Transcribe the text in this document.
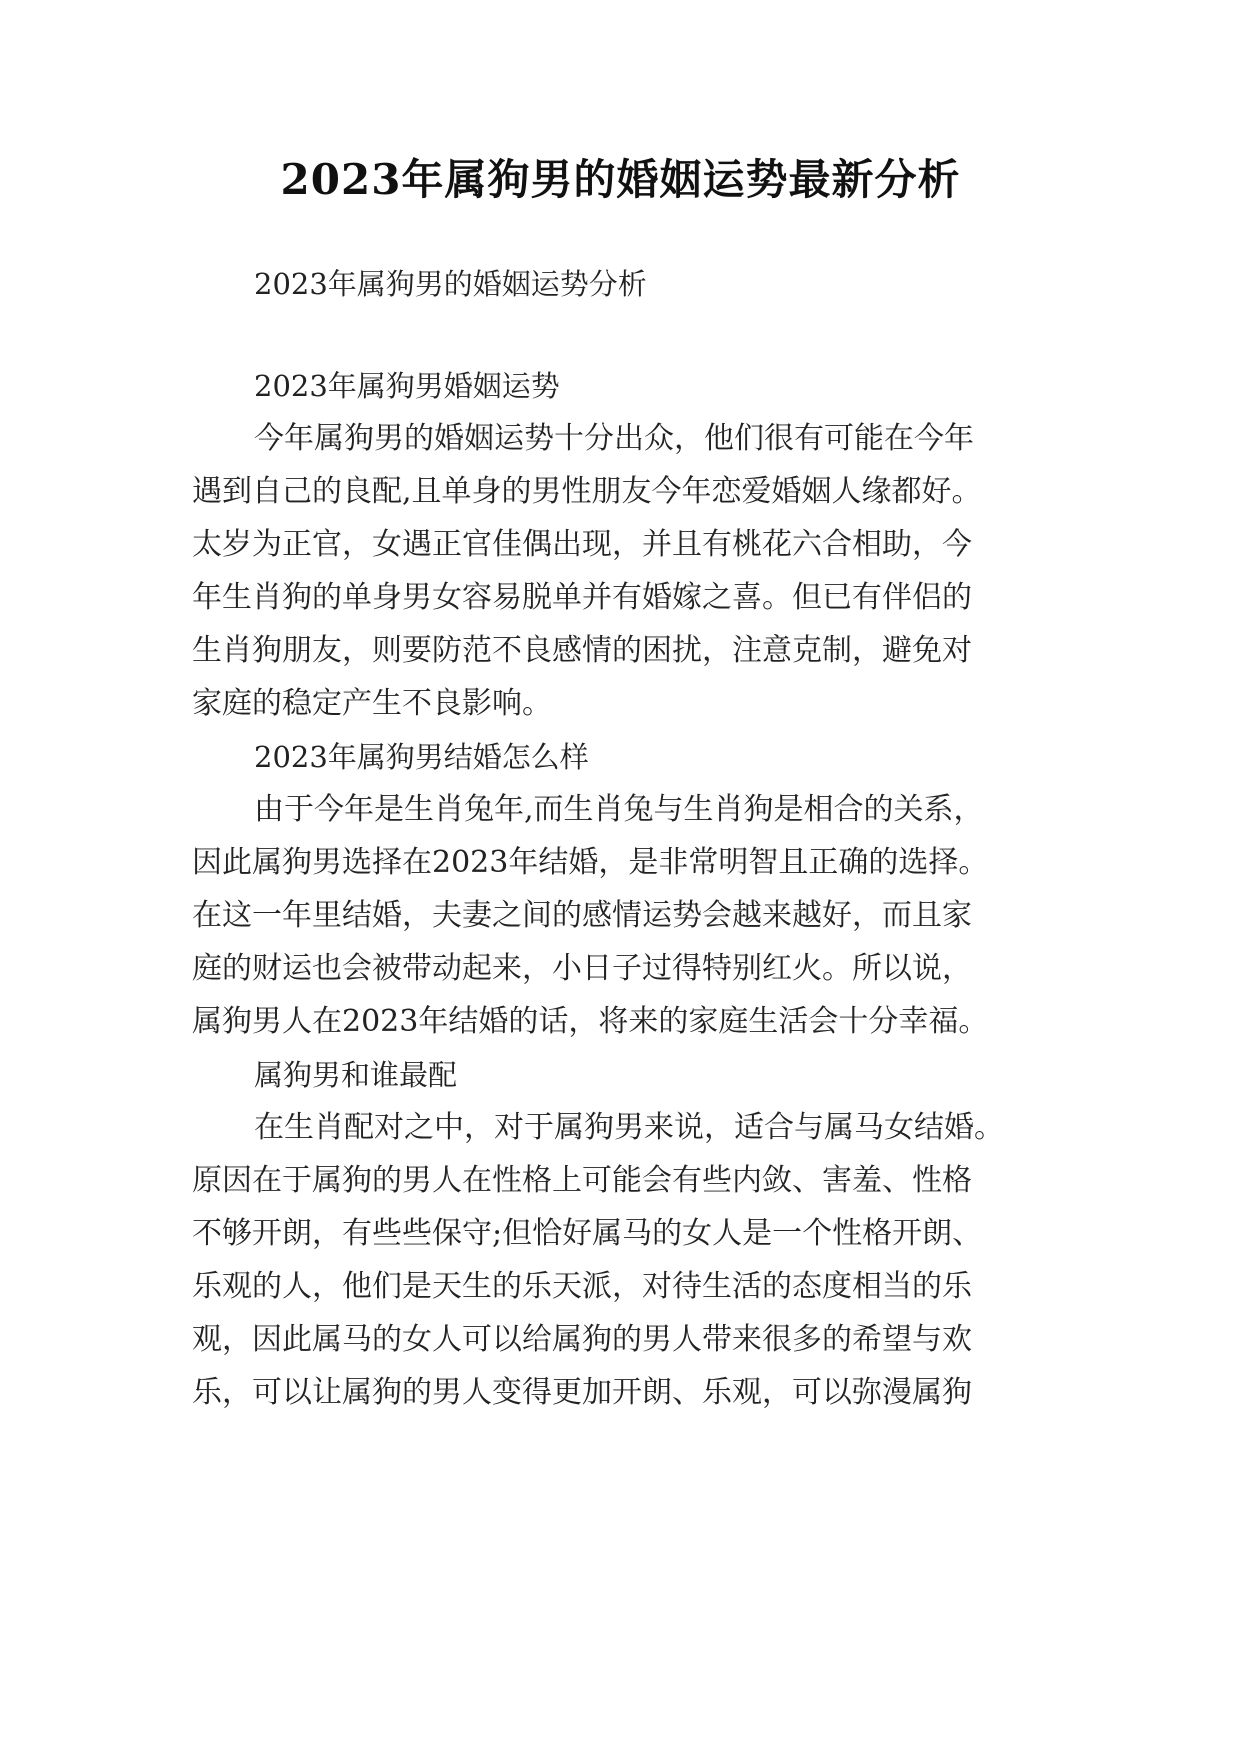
2023年属狗男的婚姻运势最新分析

2023年属狗男的婚姻运势分析

2023年属狗男婚姻运势

今年属狗男的婚姻运势十分出众，他们很有可能在今年

遇到自己的良配,且单身的男性朋友今年恋爱婚姻人缘都好。

太岁为正官，女遇正官佳偶出现，并且有桃花六合相助，今

年生肖狗的单身男女容易脱单并有婚嫁之喜。但已有伴侣的

生肖狗朋友，则要防范不良感情的困扰，注意克制，避免对

家庭的稳定产生不良影响。

2023年属狗男结婚怎么样

由于今年是生肖兔年,而生肖兔与生肖狗是相合的关系，

因此属狗男选择在2023年结婚，是非常明智且正确的选择。

在这一年里结婚，夫妻之间的感情运势会越来越好，而且家

庭的财运也会被带动起来，小日子过得特别红火。所以说，

属狗男人在2023年结婚的话，将来的家庭生活会十分幸福。

属狗男和谁最配

在生肖配对之中，对于属狗男来说，适合与属马女结婚。

原因在于属狗的男人在性格上可能会有些内敛、害羞、性格

不够开朗，有些些保守;但恰好属马的女人是一个性格开朗、

乐观的人，他们是天生的乐天派，对待生活的态度相当的乐

观，因此属马的女人可以给属狗的男人带来很多的希望与欢

乐，可以让属狗的男人变得更加开朗、乐观，可以弥漫属狗
